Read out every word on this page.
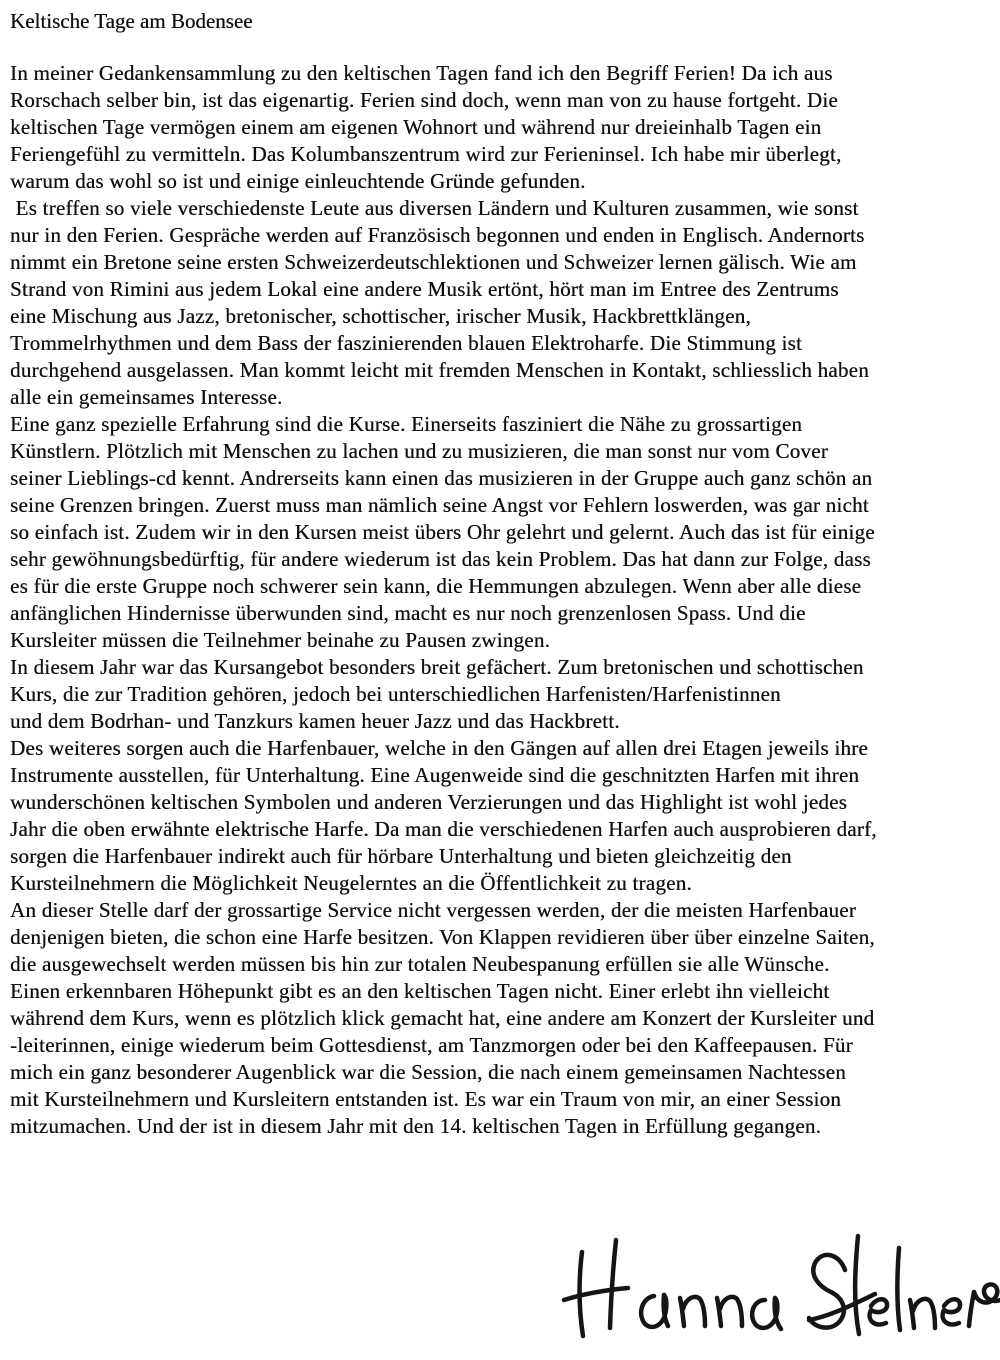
Keltische Tage am Bodensee
In meiner Gedankensammlung zu den keltischen Tagen fand ich den Begriff Ferien! Da ich aus
Rorschach selber bin, ist das eigenartig. Ferien sind doch, wenn man von zu hause fortgeht. Die
keltischen Tage vermögen einem am eigenen Wohnort und während nur dreieinhalb Tagen ein
Feriengefühl zu vermitteln. Das Kolumbanszentrum wird zur Ferieninsel. Ich habe mir überlegt,
warum das wohl so ist und einige einleuchtende Gründe gefunden.
Es treffen so viele verschiedenste Leute aus diversen Ländern und Kulturen zusammen, wie sonst
nur in den Ferien. Gespräche werden auf Französisch begonnen und enden in Englisch. Andernorts
nimmt ein Bretone seine ersten Schweizerdeutschlektionen und Schweizer lernen gälisch. Wie am
Strand von Rimini aus jedem Lokal eine andere Musik ertönt, hört man im Entree des Zentrums
eine Mischung aus Jazz, bretonischer, schottischer, irischer Musik, Hackbrettklängen,
Trommelrhythmen und dem Bass der faszinierenden blauen Elektroharfe. Die Stimmung ist
durchgehend ausgelassen. Man kommt leicht mit fremden Menschen in Kontakt, schliesslich haben
alle ein gemeinsames Interesse.
Eine ganz spezielle Erfahrung sind die Kurse. Einerseits fasziniert die Nähe zu grossartigen
Künstlern. Plötzlich mit Menschen zu lachen und zu musizieren, die man sonst nur vom Cover
seiner Lieblings-cd kennt. Andrerseits kann einen das musizieren in der Gruppe auch ganz schön an
seine Grenzen bringen. Zuerst muss man nämlich seine Angst vor Fehlern loswerden, was gar nicht
so einfach ist. Zudem wir in den Kursen meist übers Ohr gelehrt und gelernt. Auch das ist für einige
sehr gewöhnungsbedürftig, für andere wiederum ist das kein Problem. Das hat dann zur Folge, dass
es für die erste Gruppe noch schwerer sein kann, die Hemmungen abzulegen. Wenn aber alle diese
anfänglichen Hindernisse überwunden sind, macht es nur noch grenzenlosen Spass. Und die
Kursleiter müssen die Teilnehmer beinahe zu Pausen zwingen.
In diesem Jahr war das Kursangebot besonders breit gefächert. Zum bretonischen und schottischen
Kurs, die zur Tradition gehören, jedoch bei unterschiedlichen Harfenisten/Harfenistinnen
und dem Bodrhan- und Tanzkurs kamen heuer Jazz und das Hackbrett.
Des weiteres sorgen auch die Harfenbauer, welche in den Gängen auf allen drei Etagen jeweils ihre
Instrumente ausstellen, für Unterhaltung. Eine Augenweide sind die geschnitzten Harfen mit ihren
wunderschönen keltischen Symbolen und anderen Verzierungen und das Highlight ist wohl jedes
Jahr die oben erwähnte elektrische Harfe. Da man die verschiedenen Harfen auch ausprobieren darf,
sorgen die Harfenbauer indirekt auch für hörbare Unterhaltung und bieten gleichzeitig den
Kursteilnehmern die Möglichkeit Neugelerntes an die Öffentlichkeit zu tragen.
An dieser Stelle darf der grossartige Service nicht vergessen werden, der die meisten Harfenbauer
denjenigen bieten, die schon eine Harfe besitzen. Von Klappen revidieren über über einzelne Saiten,
die ausgewechselt werden müssen bis hin zur totalen Neubespanung erfüllen sie alle Wünsche.
Einen erkennbaren Höhepunkt gibt es an den keltischen Tagen nicht. Einer erlebt ihn vielleicht
während dem Kurs, wenn es plötzlich klick gemacht hat, eine andere am Konzert der Kursleiter und
-leiterinnen, einige wiederum beim Gottesdienst, am Tanzmorgen oder bei den Kaffeepausen. Für
mich ein ganz besonderer Augenblick war die Session, die nach einem gemeinsamen Nachtessen
mit Kursteilnehmern und Kursleitern entstanden ist. Es war ein Traum von mir, an einer Session
mitzumachen. Und der ist in diesem Jahr mit den 14. keltischen Tagen in Erfüllung gegangen.
